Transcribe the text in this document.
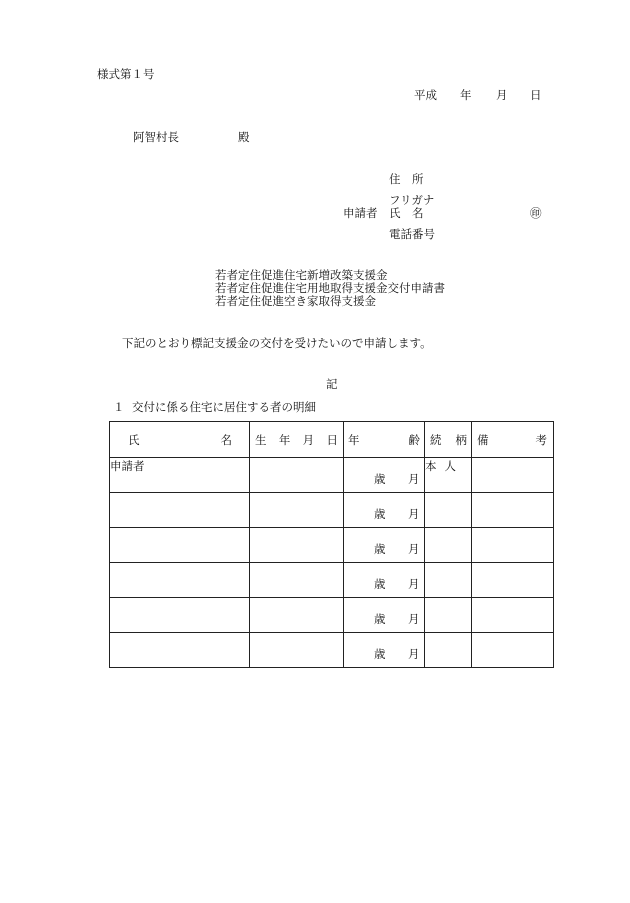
様式第１号
平成 年 月 日
阿智村長	殿
住　所
フリガナ
申請者 氏　名	㊞
電話番号
若者定住促進住宅新増改築支援金
若者定住促進住宅用地取得支援金交付申請書
若者定住促進空き家取得支援金
下記のとおり標記支援金の交付を受けたいので申請します。
記
１ 交付に係る住宅に居住する者の明細
氏 名	生 年 月 日	年 齢	続 柄	備 考

申請者		歳 月	本人	

		歳 月		

		歳 月		

		歳 月		

		歳 月		

		歳 月		
